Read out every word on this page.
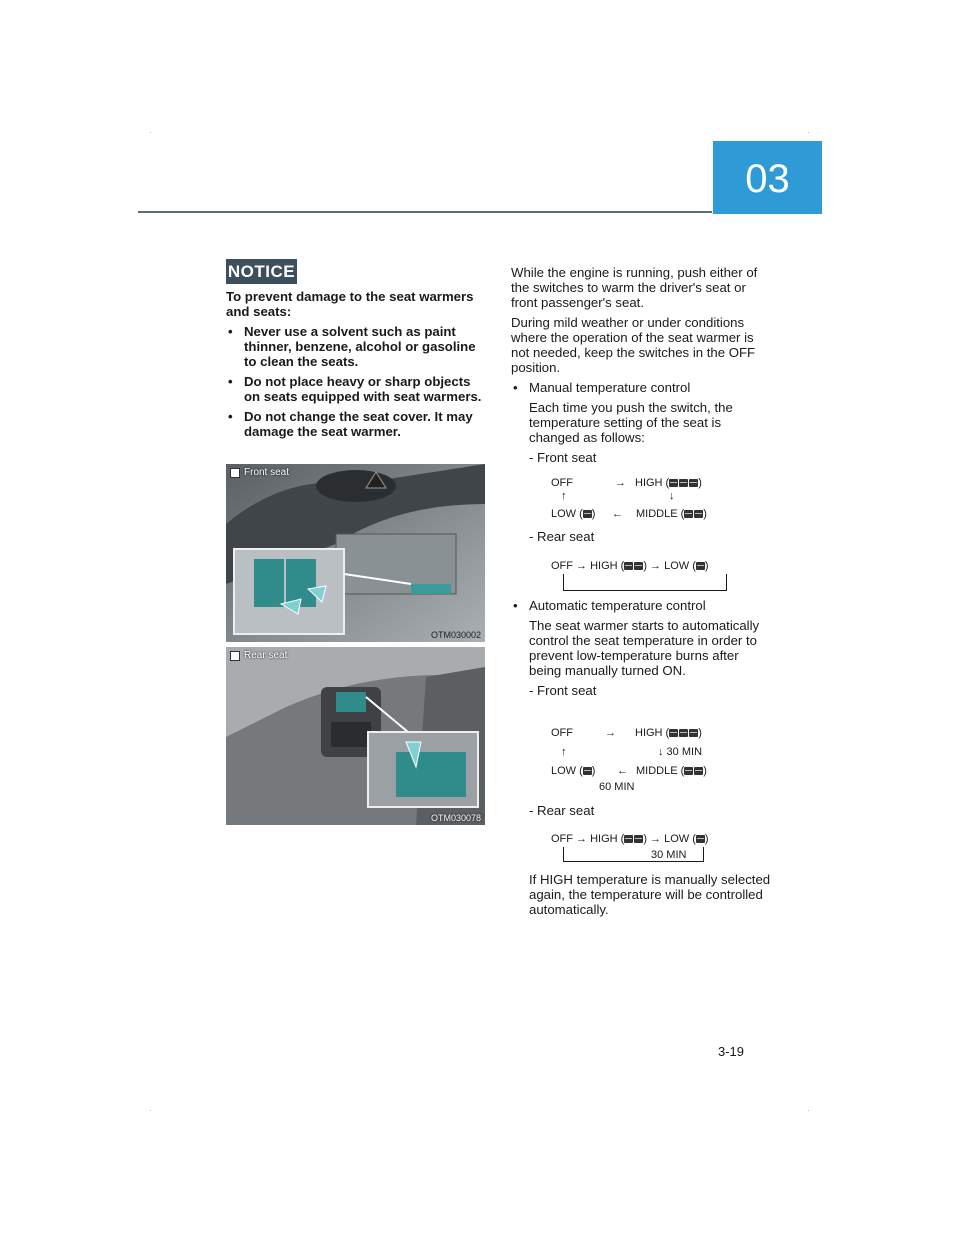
03
NOTICE

To prevent damage to the seat warmers and seats:

• Never use a solvent such as paint thinner, benzene, alcohol or gasoline to clean the seats.
• Do not place heavy or sharp objects on seats equipped with seat warmers.
• Do not change the seat cover. It may damage the seat warmer.
Front seat
OTM030002
Rear seat
OTM030078

While the engine is running, push either of the switches to warm the driver's seat or front passenger's seat.

During mild weather or under conditions where the operation of the seat warmer is not needed, keep the switches in the OFF position.

• Manual temperature control
Each time you push the switch, the temperature setting of the seat is changed as follows:
- Front seat
OFF	→ HIGH (	)
↑	↓
LOW ( ) ← MIDDLE ( )
- Rear seat
OFF → HIGH ( ) → LOW ( )
• Automatic temperature control
The seat warmer starts to automatically control the seat temperature in order to prevent low-temperature burns after being manually turned ON.
- Front seat
OFF	→ HIGH (	)
↑	↓ 30 MIN
LOW ( ) ← MIDDLE ( )
60 MIN
- Rear seat
OFF → HIGH ( ) → LOW ( )
30 MIN
If HIGH temperature is manually selected again, the temperature will be controlled automatically.
3-19
